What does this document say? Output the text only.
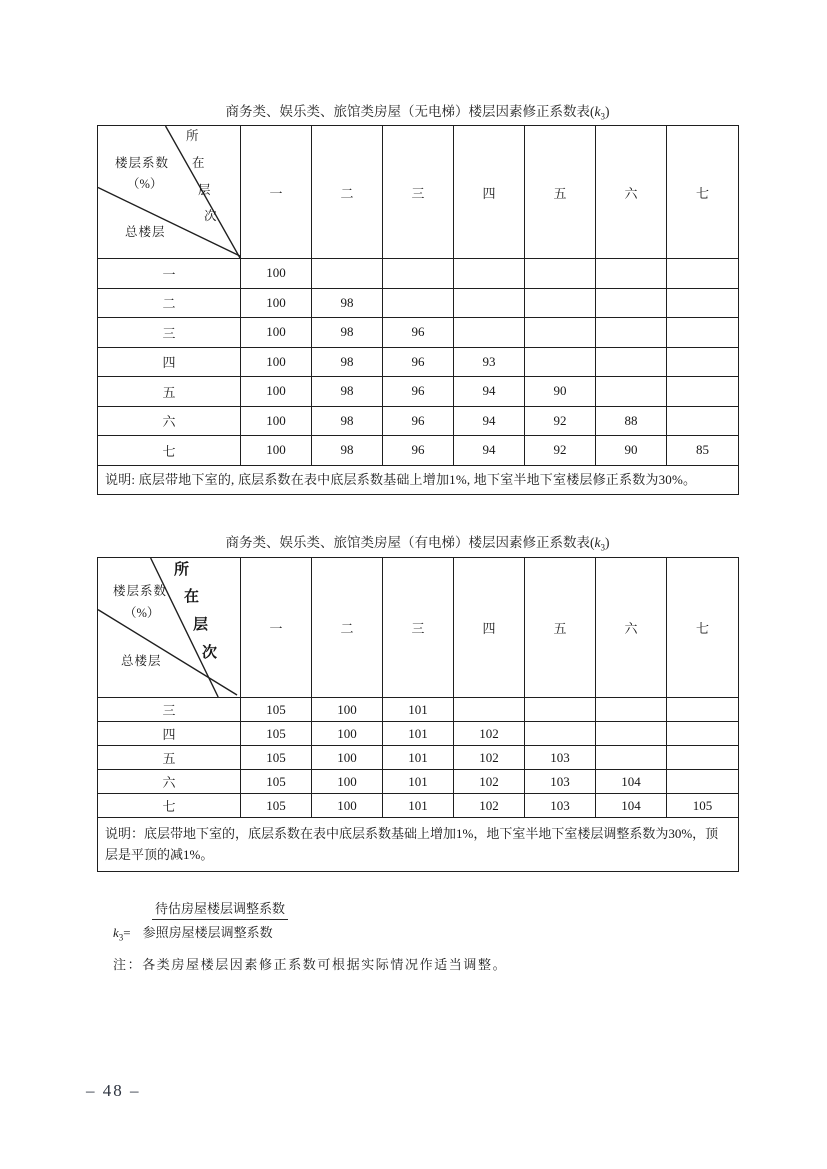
商务类、娱乐类、旅馆类房屋（无电梯）楼层因素修正系数表$(k_3)$
楼层系数
（%）
所
在
层
次
总楼层
	一	二	三	四	五	六	七
一	100						
二	100	98					
三	100	98	96				
四	100	98	96	93			
五	100	98	96	94	90		
六	100	98	96	94	92	88	
七	100	98	96	94	92	90	85
说明: 底层带地下室的, 底层系数在表中底层系数基础上增加1%, 地下室半地下室楼层修正系数为30%。							
商务类、娱乐类、旅馆类房屋（有电梯）楼层因素修正系数表$(k_3)$
楼层系数
（%）
所
在
层
次
总楼层
	一	二	三	四	五	六	七
三	105	100	101				
四	105	100	101	102			
五	105	100	101	102	103		
六	105	100	101	102	103	104	
七	105	100	101	102	103	104	105
说明：底层带地下室的，底层系数在表中底层系数基础上增加1%，地下室半地下室楼层调整系数为30%，顶层是平顶的减1%。							
待估房屋楼层调整系数
$k_3=$ 参照房屋楼层调整系数
注：各类房屋楼层因素修正系数可根据实际情况作适当调整。
– 48 –
